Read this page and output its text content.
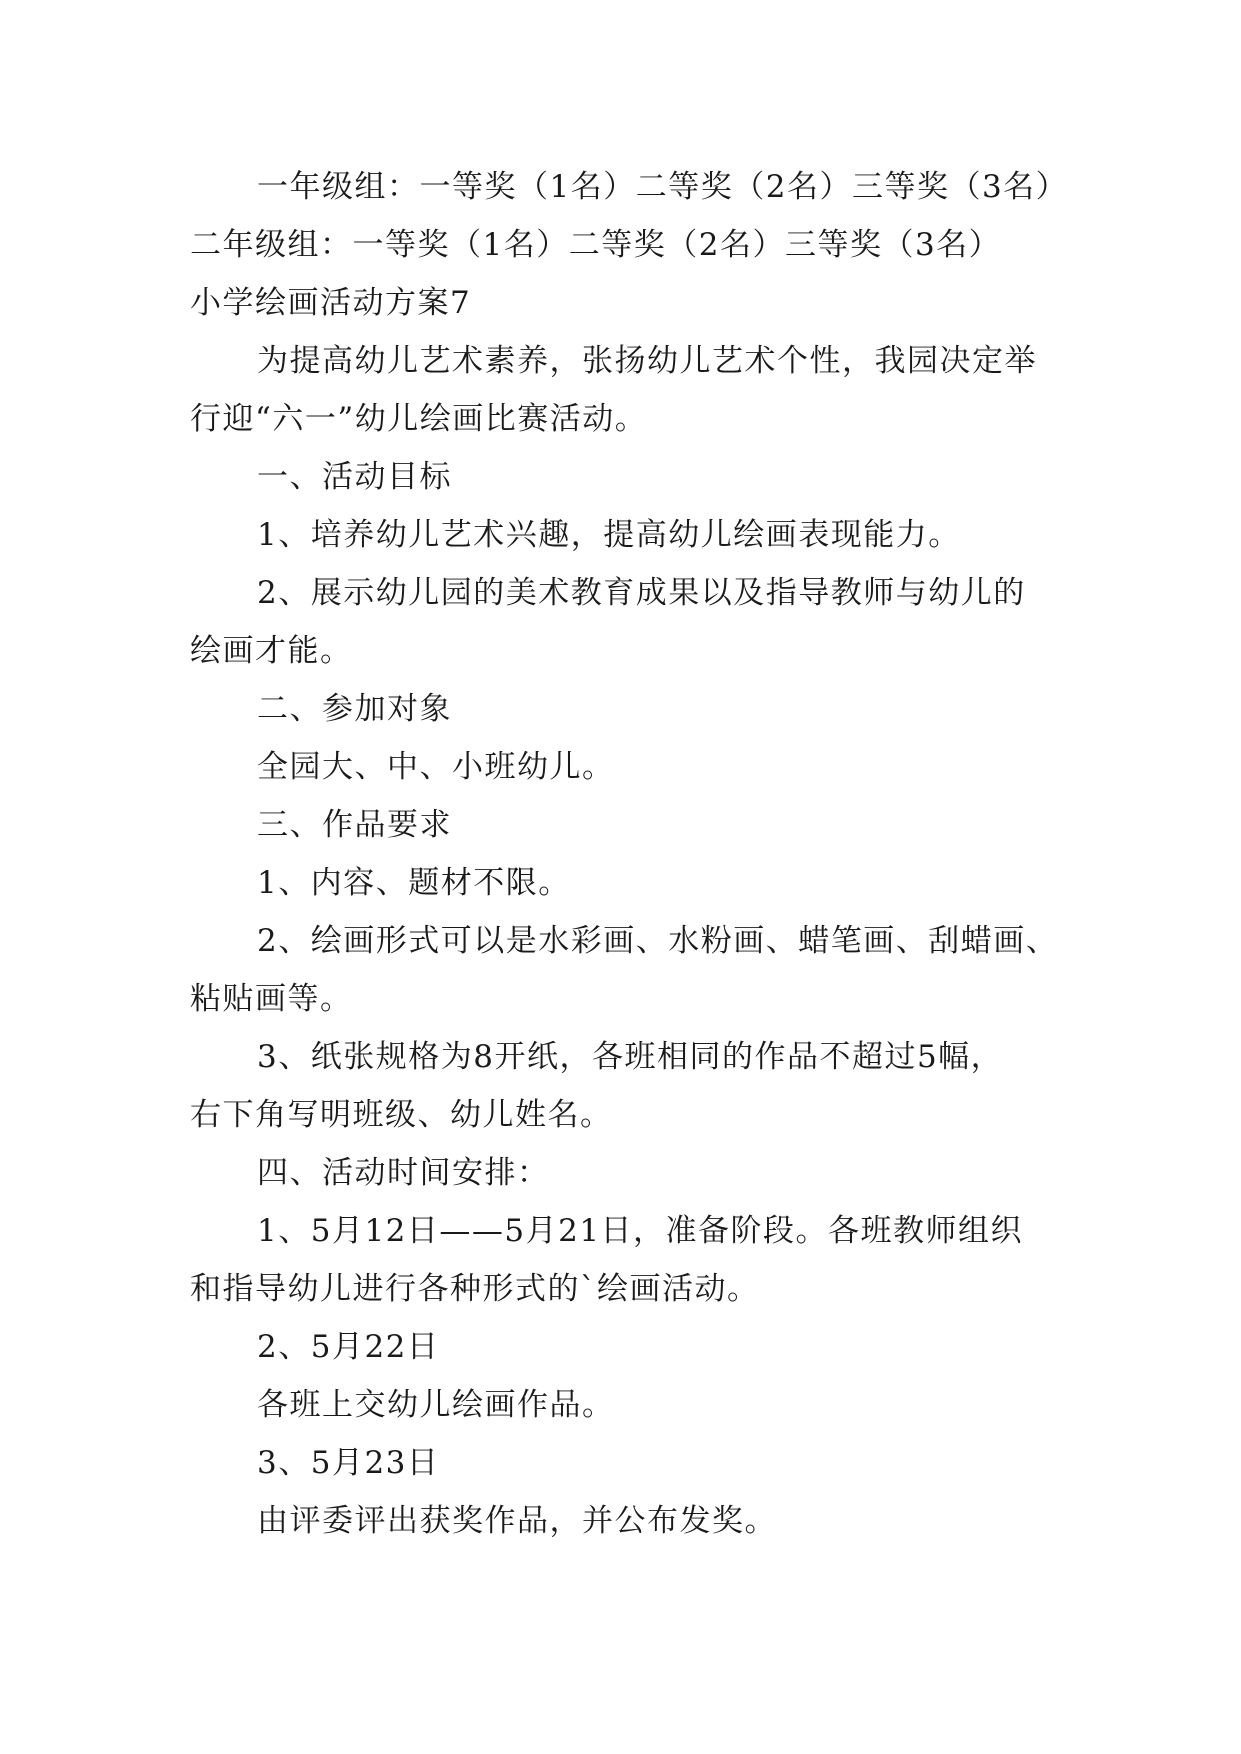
一年级组：一等奖（1名）二等奖（2名）三等奖（3名）
二年级组：一等奖（1名）二等奖（2名）三等奖（3名）
小学绘画活动方案7
为提高幼儿艺术素养，张扬幼儿艺术个性，我园决定举
行迎“六一”幼儿绘画比赛活动。
一、活动目标
1、培养幼儿艺术兴趣，提高幼儿绘画表现能力。
2、展示幼儿园的美术教育成果以及指导教师与幼儿的
绘画才能。
二、参加对象
全园大、中、小班幼儿。
三、作品要求
1、内容、题材不限。
2、绘画形式可以是水彩画、水粉画、蜡笔画、刮蜡画、
粘贴画等。
3、纸张规格为8开纸，各班相同的作品不超过5幅，
右下角写明班级、幼儿姓名。
四、活动时间安排：
1、5月12日——5月21日，准备阶段。各班教师组织
和指导幼儿进行各种形式的`绘画活动。
2、5月22日
各班上交幼儿绘画作品。
3、5月23日
由评委评出获奖作品，并公布发奖。
